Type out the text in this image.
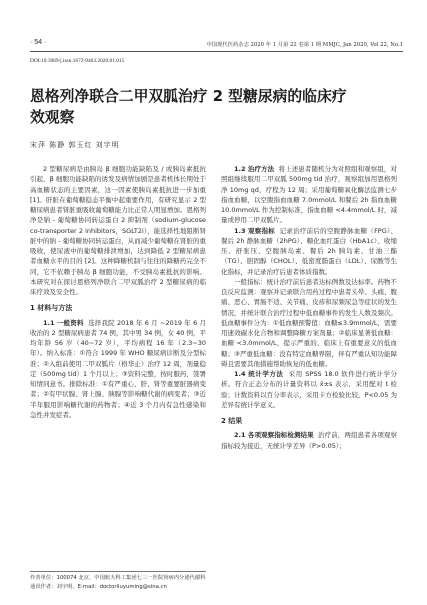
· 54 ·	中国现代医药杂志 2020 年 1 月第 22 卷第 1 期 MMJC, Jan 2020, Vol 22, No.1
DOI:10.3969/j.issn.1672-9463.2020.01.015
恩格列净联合二甲双胍治疗 2 型糖尿病的临床疗效观察
宋萍 陈静 郭玉红 刘宇明

2 型糖尿病是由胰岛 β 细胞功能缺陷及 / 或胰岛素抵抗引起，β 细胞功能缺陷的诱发及病情加剧是患者机体长期处于高血糖状态的主要因素，这一因素使胰岛素抵抗进一步加重 [1]。肝脏在葡萄糖稳态平衡中起重要作用，有研究显示 2 型糖尿病患者肾脏重吸收葡萄糖能力比正常人明显增加。恩格列净是钠 - 葡萄糖协同转运蛋白 2 抑制剂（sodium-glucose co-transporter 2 inhibitors，SGLT2i），能选择性地阻断肾脏中的钠 - 葡萄糖协同转运蛋白，从而减少葡萄糖在肾脏的重吸收，使尿液中的葡萄糖排泄增加，达到降低 2 型糖尿病患者血糖水平的目的 [2]。这种降糖机制与往往的降糖药完全不同，它不依赖于胰岛 β 细胞功能，不受胰岛素抵抗的影响。本研究对在探讨恩格列净联合二甲双胍治疗 2 型糖尿病的临床疗效及安全性。

1 材料与方法

1.1 一般资料 选择我院 2018 年 6 月 ~2019 年 6 月收治的 2 型糖尿病患者 74 例，其中男 34 例，女 40 例，平均年龄 56 岁（40~72 岁），平均病程 16 年（2.3~30 年）。纳入标准：①符合 1999 年 WHO 糖尿病诊断及分型标准；②入组前使用二甲双胍片（格华止）治疗 12 周，剂量稳定（500mg tid）1 个月以上；③资料完整，按时服药，签署知情同意书。排除标准：①有严重心、肝、肾等重要脏器病变者；②有甲状腺、肾上腺、胰腺等影响糖代谢的病变者；③近半年服用影响糖代谢的药物者；④近 3 个月内有急性感染和急性并发症者。

1.2 治疗方法 将上述患者随机分为对照组和观察组，对照组继续服用二甲双胍 500mg tid 治疗，观察组加用恩格列净 10mg qd，疗程为 12 周；采用葡萄糖氧化酶法监测七步指血血糖，以空腹指血血糖 7.0mmol/L 和餐后 2h 指血血糖 10.0mmol/L 作为控制标准，指血血糖 <4.4mmol/L 时，减量或停用二甲双胍片。

1.3 观察指标 记录治疗前后的空腹静脉血糖（FPG）、餐后 2h 静脉血糖（2hPG）、糖化血红蛋白（HbA1c）、收缩压、舒张压、空腹胰岛素、餐后 2h 胰岛素、甘油三酯（TG）、胆固醇（CHOL）、低密度脂蛋白（LDL）、尿酸等生化指标，并记录治疗后患者体质指数。

一般指标：统计治疗前后患者达标例数及达标率。药物不良反应监测：观察并记录联合用药过程中患者头晕、头痛、腹痛、恶心、胃肠不适、关节痛、皮疹和尿频尿急等症状的发生情况，并统计联合治疗过程中低血糖事件的发生人数及频次。低血糖事件分为：①低血糖预警值：血糖≤3.9mmol/L，需要用速效碳水化合物和调整降糖方案剂量；②临床显著低血糖：血糖 <3.0mmol/L，提示严重的、临床上有重要意义的低血糖；③严重低血糖：没有特定血糖界限，伴有严重认知功能障碍且需要其他措施帮助恢复的低血糖。

1.4 统计学方法 采用 SPSS 18.0 软件进行统计学分析。符合正态分布的计量资料以 x̄±s 表示，采用配对 t 检验；计数资料以百分率表示，采用卡方检验比较，P<0.05 为差异有统计学意义。

2 结果

2.1 各项观察指标检测结果 治疗前，两组患者各项观察指标较为接近，无统计学差异（P>0.05）；

作者单位：100074 北京，中国航天科工集团七三一医院肾病内分泌代谢科
通讯作者：刘宇明，E-mail：doctorliuyuming@sina.cn
